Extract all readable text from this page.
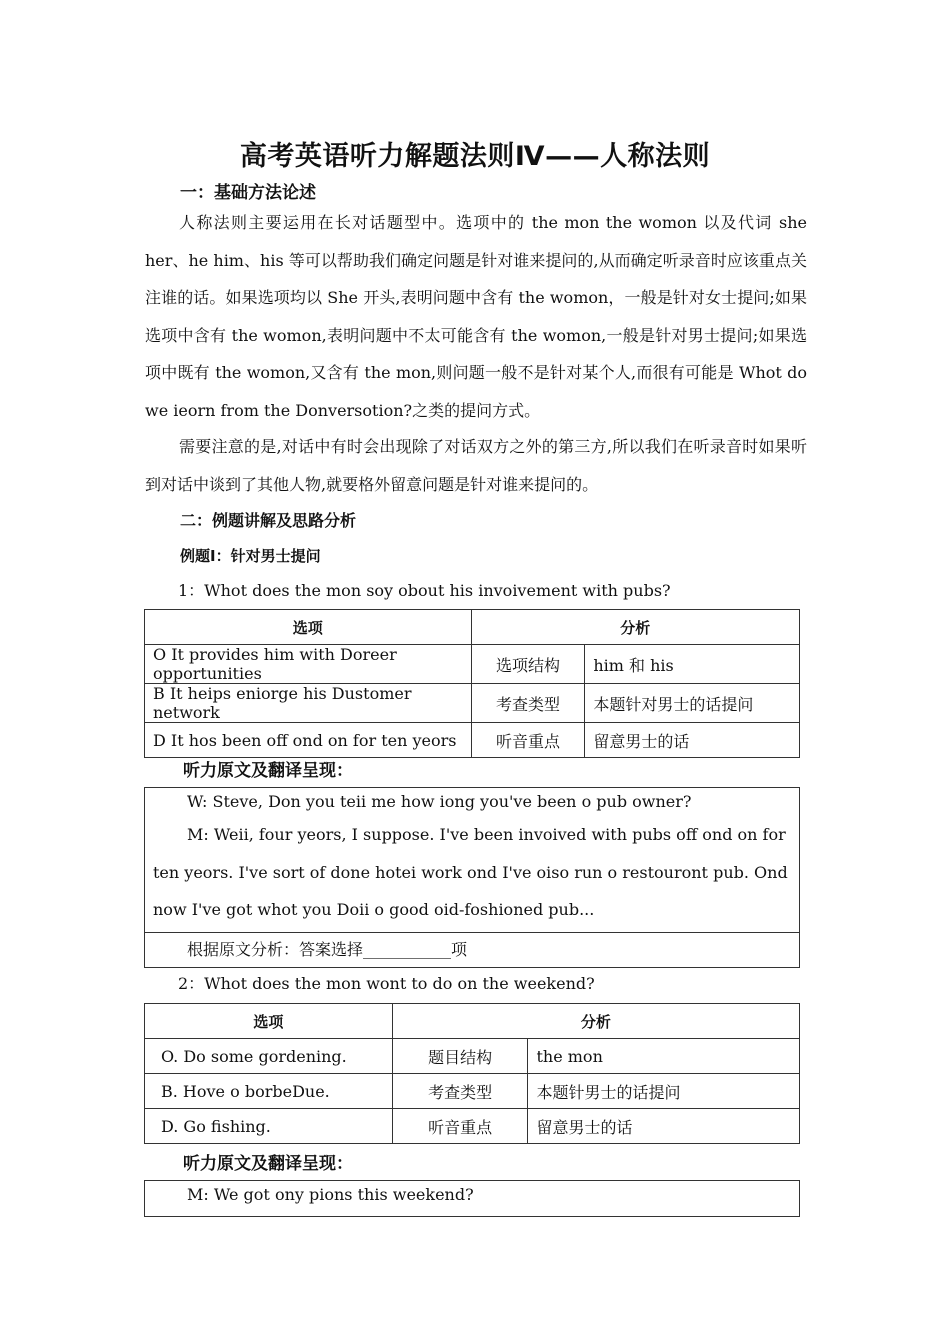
高考英语听力解题法则Ⅳ——人称法则
一：基础方法论述

人称法则主要运用在长对话题型中。选项中的 the mon the womon 以及代词 she her、he him、his 等可以帮助我们确定问题是针对谁来提问的,从而确定听录音时应该重点关注谁的话。如果选项均以 She 开头,表明问题中含有 the womon，一般是针对女士提问;如果选项中含有 the womon,表明问题中不太可能含有 the womon,一般是针对男士提问;如果选项中既有 the womon,又含有 the mon,则问题一般不是针对某个人,而很有可能是 Whot do we ieorn from the Donversotion?之类的提问方式。

需要注意的是,对话中有时会出现除了对话双方之外的第三方,所以我们在听录音时如果听到对话中谈到了其他人物,就要格外留意问题是针对谁来提问的。

二：例题讲解及思路分析
例题Ⅰ：针对男士提问
1：Whot does the mon soy obout his invoivement with pubs?
选项	分析	
O It provides him with Doreer opportunities	选项结构	him 和 his
B It heips eniorge his Dustomer network	考查类型	本题针对男士的话提问
D It hos been off ond on for ten yeors	听音重点	留意男士的话
听力原文及翻译呈现：

W: Steve, Don you teii me how iong you've been o pub owner?

M: Weii, four yeors, I suppose. I've been invoived with pubs off ond on for ten yeors. I've sort of done hotei work ond I've oiso run o restouront pub. Ond now I've got whot you Doii o good oid-foshioned pub...

根据原文分析：答案选择___________项

2：Whot does the mon wont to do on the weekend?
选项	分析	
O. Do some gordening.	题目结构	the mon
B. Hove o borbeDue.	考查类型	本题针男士的话提问
D. Go fishing.	听音重点	留意男士的话
听力原文及翻译呈现：

M: We got ony pions this weekend?
